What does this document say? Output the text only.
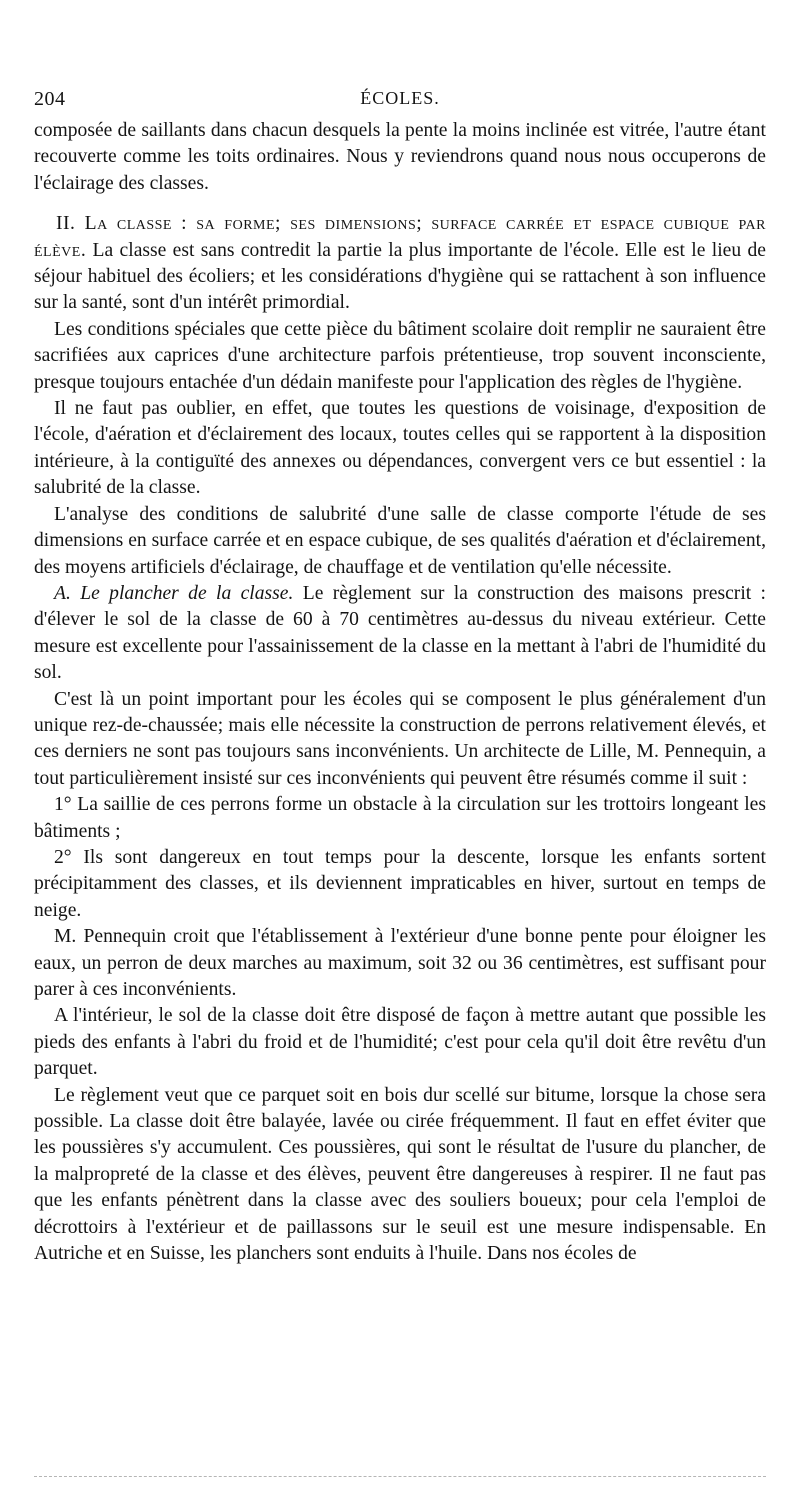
204	ÉCOLES.

composée de saillants dans chacun desquels la pente la moins inclinée est vitrée, l'autre étant recouverte comme les toits ordinaires. Nous y reviendrons quand nous nous occuperons de l'éclairage des classes.

II. La classe : sa forme; ses dimensions; surface carrée et espace cubique par élève. La classe est sans contredit la partie la plus importante de l'école. Elle est le lieu de séjour habituel des écoliers; et les considérations d'hygiène qui se rattachent à son influence sur la santé, sont d'un intérêt primordial.

Les conditions spéciales que cette pièce du bâtiment scolaire doit remplir ne sauraient être sacrifiées aux caprices d'une architecture parfois prétentieuse, trop souvent inconsciente, presque toujours entachée d'un dédain manifeste pour l'application des règles de l'hygiène.

Il ne faut pas oublier, en effet, que toutes les questions de voisinage, d'exposition de l'école, d'aération et d'éclairement des locaux, toutes celles qui se rapportent à la disposition intérieure, à la contiguïté des annexes ou dépendances, convergent vers ce but essentiel : la salubrité de la classe.

L'analyse des conditions de salubrité d'une salle de classe comporte l'étude de ses dimensions en surface carrée et en espace cubique, de ses qualités d'aération et d'éclairement, des moyens artificiels d'éclairage, de chauffage et de ventilation qu'elle nécessite.

A. Le plancher de la classe. Le règlement sur la construction des maisons prescrit : d'élever le sol de la classe de 60 à 70 centimètres au-dessus du niveau extérieur. Cette mesure est excellente pour l'assainissement de la classe en la mettant à l'abri de l'humidité du sol.

C'est là un point important pour les écoles qui se composent le plus généralement d'un unique rez-de-chaussée; mais elle nécessite la construction de perrons relativement élevés, et ces derniers ne sont pas toujours sans inconvénients. Un architecte de Lille, M. Pennequin, a tout particulièrement insisté sur ces inconvénients qui peuvent être résumés comme il suit :

1° La saillie de ces perrons forme un obstacle à la circulation sur les trottoirs longeant les bâtiments ;

2° Ils sont dangereux en tout temps pour la descente, lorsque les enfants sortent précipitamment des classes, et ils deviennent impraticables en hiver, surtout en temps de neige.

M. Pennequin croit que l'établissement à l'extérieur d'une bonne pente pour éloigner les eaux, un perron de deux marches au maximum, soit 32 ou 36 centimètres, est suffisant pour parer à ces inconvénients.

A l'intérieur, le sol de la classe doit être disposé de façon à mettre autant que possible les pieds des enfants à l'abri du froid et de l'humidité; c'est pour cela qu'il doit être revêtu d'un parquet.

Le règlement veut que ce parquet soit en bois dur scellé sur bitume, lorsque la chose sera possible. La classe doit être balayée, lavée ou cirée fréquemment. Il faut en effet éviter que les poussières s'y accumulent. Ces poussières, qui sont le résultat de l'usure du plancher, de la malpropreté de la classe et des élèves, peuvent être dangereuses à respirer. Il ne faut pas que les enfants pénètrent dans la classe avec des souliers boueux; pour cela l'emploi de décrottoirs à l'extérieur et de paillassons sur le seuil est une mesure indispensable. En Autriche et en Suisse, les planchers sont enduits à l'huile. Dans nos écoles de
